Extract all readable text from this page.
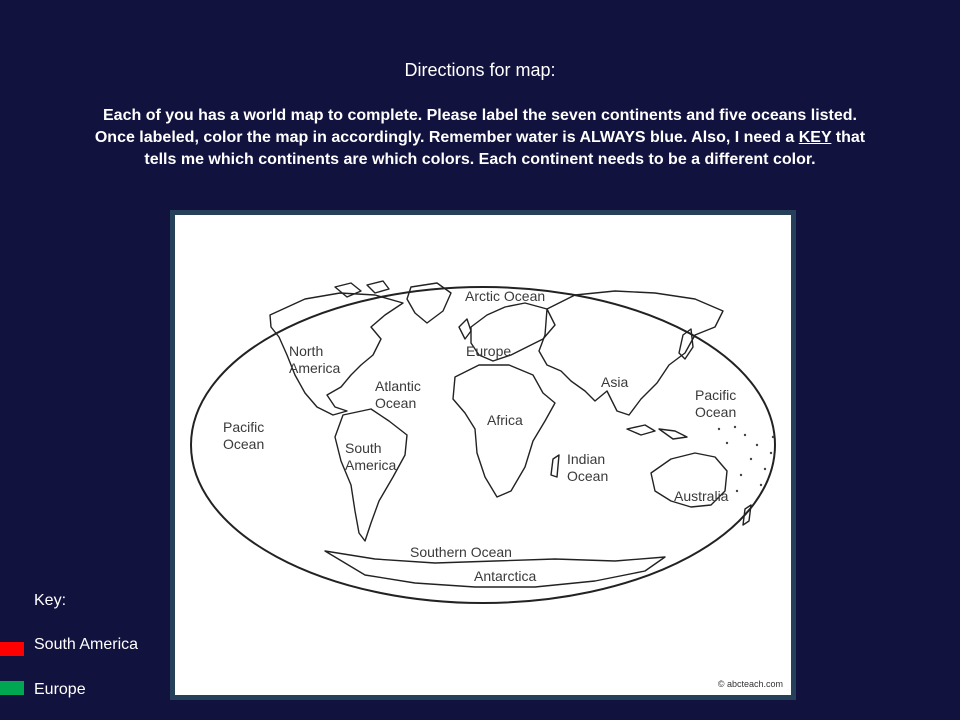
Directions for map:
Each of you has a world map to complete. Please label the seven continents and five oceans listed. Once labeled, color the map in accordingly. Remember water is ALWAYS blue. Also, I need a KEY that tells me which continents are which colors. Each continent needs to be a different color.
Arctic Ocean
North
America
Europe
Atlantic
Ocean
Asia
Pacific
Ocean
Pacific
Ocean
Africa
South
America	Indian
Ocean
Australia
Southern Ocean
Antarctica
© abcteach.com
Key:
South America
Europe
